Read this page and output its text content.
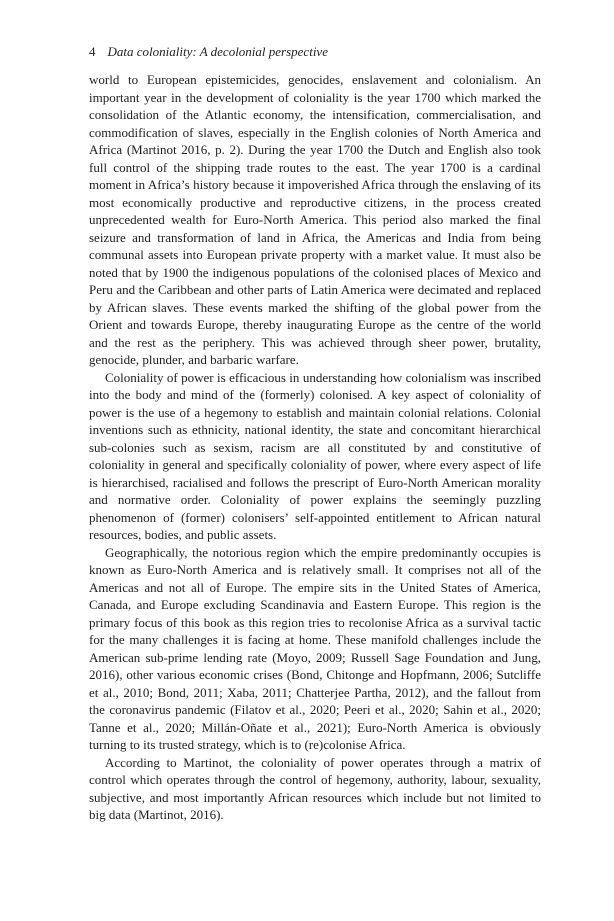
4 Data coloniality: A decolonial perspective

world to European epistemicides, genocides, enslavement and colonialism. An important year in the development of coloniality is the year 1700 which marked the consolidation of the Atlantic economy, the intensification, commercialisation, and commodification of slaves, especially in the English colonies of North America and Africa (Martinot 2016, p. 2). During the year 1700 the Dutch and English also took full control of the shipping trade routes to the east. The year 1700 is a cardinal moment in Africa’s history because it impoverished Africa through the enslaving of its most economically productive and reproductive citizens, in the process created unprecedented wealth for Euro-North America. This period also marked the final seizure and transformation of land in Africa, the Americas and India from being communal assets into European private property with a market value. It must also be noted that by 1900 the indigenous populations of the colonised places of Mexico and Peru and the Caribbean and other parts of Latin America were decimated and replaced by African slaves. These events marked the shifting of the global power from the Orient and towards Europe, thereby inaugurating Europe as the centre of the world and the rest as the periphery. This was achieved through sheer power, brutality, genocide, plunder, and barbaric warfare.

Coloniality of power is efficacious in understanding how colonialism was inscribed into the body and mind of the (formerly) colonised. A key aspect of coloniality of power is the use of a hegemony to establish and maintain colonial relations. Colonial inventions such as ethnicity, national identity, the state and concomitant hierarchical sub-colonies such as sexism, racism are all constituted by and constitutive of coloniality in general and specifically coloniality of power, where every aspect of life is hierarchised, racialised and follows the prescript of Euro-North American morality and normative order. Coloniality of power explains the seemingly puzzling phenomenon of (former) colonisers’ self-appointed entitlement to African natural resources, bodies, and public assets.

Geographically, the notorious region which the empire predominantly occupies is known as Euro-North America and is relatively small. It comprises not all of the Americas and not all of Europe. The empire sits in the United States of America, Canada, and Europe excluding Scandinavia and Eastern Europe. This region is the primary focus of this book as this region tries to recolonise Africa as a survival tactic for the many challenges it is facing at home. These manifold challenges include the American sub-prime lending rate (Moyo, 2009; Russell Sage Foundation and Jung, 2016), other various economic crises (Bond, Chitonge and Hopfmann, 2006; Sutcliffe et al., 2010; Bond, 2011; Xaba, 2011; Chatterjee Partha, 2012), and the fallout from the coronavirus pandemic (Filatov et al., 2020; Peeri et al., 2020; Sahin et al., 2020; Tanne et al., 2020; Millán-Oñate et al., 2021); Euro-North America is obviously turning to its trusted strategy, which is to (re)colonise Africa.

According to Martinot, the coloniality of power operates through a matrix of control which operates through the control of hegemony, authority, labour, sexuality, subjective, and most importantly African resources which include but not limited to big data (Martinot, 2016).
